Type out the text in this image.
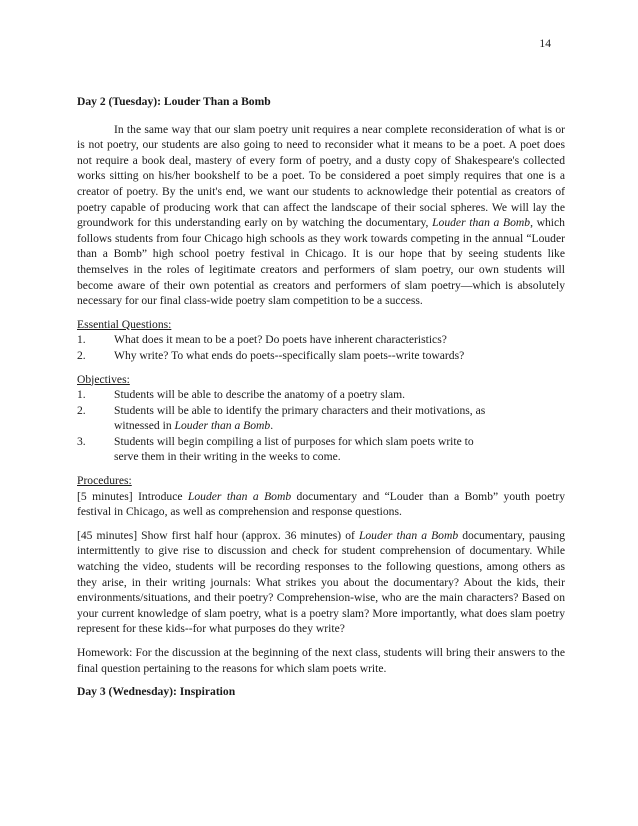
14

Day 2 (Tuesday): Louder Than a Bomb

In the same way that our slam poetry unit requires a near complete reconsideration of what is or is not poetry, our students are also going to need to reconsider what it means to be a poet. A poet does not require a book deal, mastery of every form of poetry, and a dusty copy of Shakespeare's collected works sitting on his/her bookshelf to be a poet. To be considered a poet simply requires that one is a creator of poetry. By the unit's end, we want our students to acknowledge their potential as creators of poetry capable of producing work that can affect the landscape of their social spheres. We will lay the groundwork for this understanding early on by watching the documentary, Louder than a Bomb, which follows students from four Chicago high schools as they work towards competing in the annual “Louder than a Bomb” high school poetry festival in Chicago. It is our hope that by seeing students like themselves in the roles of legitimate creators and performers of slam poetry, our own students will become aware of their own potential as creators and performers of slam poetry—which is absolutely necessary for our final class-wide poetry slam competition to be a success.

Essential Questions:

1.	What does it mean to be a poet? Do poets have inherent characteristics?
2.	Why write? To what ends do poets--specifically slam poets--write towards?

Objectives:

1.	Students will be able to describe the anatomy of a poetry slam.
2.	Students will be able to identify the primary characters and their motivations, as
witnessed in Louder than a Bomb.
3.	Students will begin compiling a list of purposes for which slam poets write to
serve them in their writing in the weeks to come.

Procedures:

[5 minutes] Introduce Louder than a Bomb documentary and “Louder than a Bomb” youth poetry festival in Chicago, as well as comprehension and response questions.

[45 minutes] Show first half hour (approx. 36 minutes) of Louder than a Bomb documentary, pausing intermittently to give rise to discussion and check for student comprehension of documentary. While watching the video, students will be recording responses to the following questions, among others as they arise, in their writing journals: What strikes you about the documentary? About the kids, their environments/situations, and their poetry? Comprehension-wise, who are the main characters? Based on your current knowledge of slam poetry, what is a poetry slam? More importantly, what does slam poetry represent for these kids--for what purposes do they write?

Homework: For the discussion at the beginning of the next class, students will bring their answers to the final question pertaining to the reasons for which slam poets write.

Day 3 (Wednesday): Inspiration
